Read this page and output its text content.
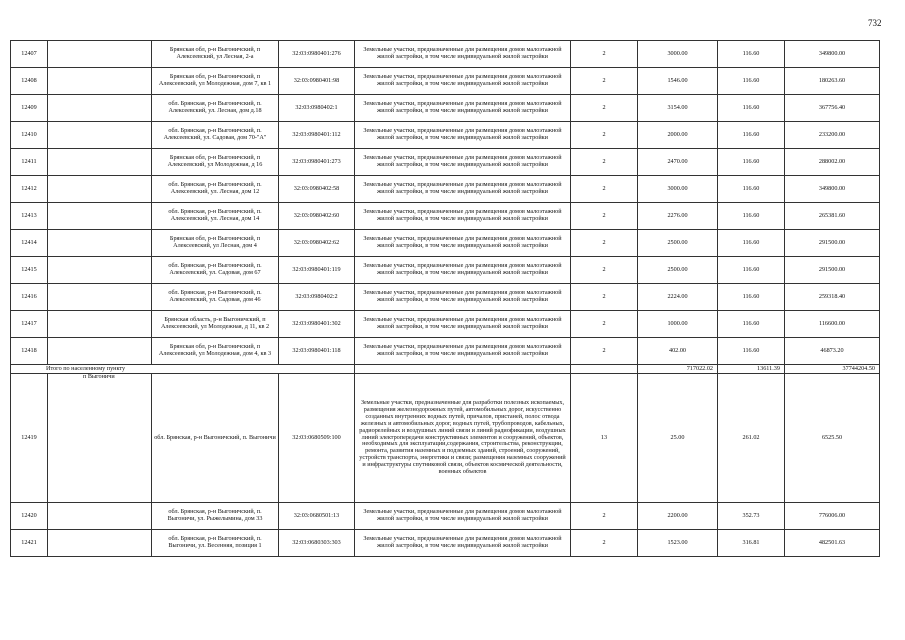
732
12407		Брянская обл, р-н Выгоничский, п Алексеевский, ул Лесная, 2-а	32:03:0980401:276	Земельные участки, предназначенные для размещения домов малоэтажной жилой застройки, в том числе индивидуальной жилой застройки	2	3000.00	116.60	349800.00
12408		Брянская обл, р-н Выгоничский, п Алексеевский, ул Молодежная, дом 7, кв 1	32:03:0980401:98	Земельные участки, предназначенные для размещения домов малоэтажной жилой застройки, в том числе индивидуальной жилой застройки	2	1546.00	116.60	180263.60
12409		обл. Брянская, р-н Выгоничский, п. Алексеевский, ул. Лесная, дом д.18	32:03:0980402:1	Земельные участки, предназначенные для размещения домов малоэтажной жилой застройки, в том числе индивидуальной жилой застройки	2	3154.00	116.60	367756.40
12410		обл. Брянская, р-н Выгоничский, п. Алексеевский, ул. Садовая, дом 70-"А"	32:03:0980401:112	Земельные участки, предназначенные для размещения домов малоэтажной жилой застройки, в том числе индивидуальной жилой застройки	2	2000.00	116.60	233200.00
12411		Брянская обл, р-н Выгоничский, п Алексеевский, ул Молодежная, д 16	32:03:0980401:273	Земельные участки, предназначенные для размещения домов малоэтажной жилой застройки, в том числе индивидуальной жилой застройки	2	2470.00	116.60	288002.00
12412		обл. Брянская, р-н Выгоничский, п. Алексеевский, ул. Лесная, дом 12	32:03:0980402:58	Земельные участки, предназначенные для размещения домов малоэтажной жилой застройки, в том числе индивидуальной жилой застройки	2	3000.00	116.60	349800.00
12413		обл. Брянская, р-н Выгоничский, п. Алексеевский, ул. Лесная, дом 14	32:03:0980402:60	Земельные участки, предназначенные для размещения домов малоэтажной жилой застройки, в том числе индивидуальной жилой застройки	2	2276.00	116.60	265381.60
12414		Брянская обл, р-н Выгоничский, п Алексеевский, ул Лесная, дом 4	32:03:0980402:62	Земельные участки, предназначенные для размещения домов малоэтажной жилой застройки, в том числе индивидуальной жилой застройки	2	2500.00	116.60	291500.00
12415		обл. Брянская, р-н Выгоничский, п. Алексеевский, ул. Садовая, дом 67	32:03:0980401:119	Земельные участки, предназначенные для размещения домов малоэтажной жилой застройки, в том числе индивидуальной жилой застройки	2	2500.00	116.60	291500.00
12416		обл. Брянская, р-н Выгоничский, п. Алексеевский, ул. Садовая, дом 46	32:03:0980402:2	Земельные участки, предназначенные для размещения домов малоэтажной жилой застройки, в том числе индивидуальной жилой застройки	2	2224.00	116.60	259318.40
12417		Брянская область, р-н Выгоничский, п Алексеевский, ул Молодежная, д 11, кв 2	32:03:0980401:302	Земельные участки, предназначенные для размещения домов малоэтажной жилой застройки, в том числе индивидуальной жилой застройки	2	1000.00	116.60	116600.00
12418		Брянская обл, р-н Выгоничский, п Алексеевский, ул Молодежная, дом 4, кв 3	32:03:0980401:118	Земельные участки, предназначенные для размещения домов малоэтажной жилой застройки, в том числе индивидуальной жилой застройки	2	402.00	116.60	46873.20
Итого по населенному пункту						717022.02	13611.39	37744204.50
12419	п Выгоничи	обл. Брянская, р-н Выгоничский, п. Выгоничи	32:03:0680509:100	Земельные участки, предназначенные для разработки полезных ископаемых, размещения железнодорожных путей, автомобильных дорог, искусственно созданных внутренних водных путей, причалов, пристаней, полос отвода железных и автомобильных дорог, водных путей, трубопроводов, кабельных, радиорелейных и воздушных линий связи и линий радиофикации, воздушных линий электропередачи конструктивных элементов и сооружений, объектов, необходимых для эксплуатации,содержания, строительства, реконструкции, ремонта, развития наземных и подземных зданий, строений, сооружений, устройств транспорта, энергетики и связи; размещения наземных сооружений и инфраструктуры спутниковой связи, объектов космической деятельности, военных объектов	13	25.00	261.02	6525.50
12420		обл. Брянская, р-н Выгоничский, п. Выгоничи, ул. Рыжелымина, дом 33	32:03:0680501:13	Земельные участки, предназначенные для размещения домов малоэтажной жилой застройки, в том числе индивидуальной жилой застройки	2	2200.00	352.73	776006.00
12421		обл. Брянская, р-н Выгоничский, п. Выгоничи, ул. Весенняя, позиция 1	32:03:0680303:303	Земельные участки, предназначенные для размещения домов малоэтажной жилой застройки, в том числе индивидуальной жилой застройки	2	1523.00	316.81	482501.63
